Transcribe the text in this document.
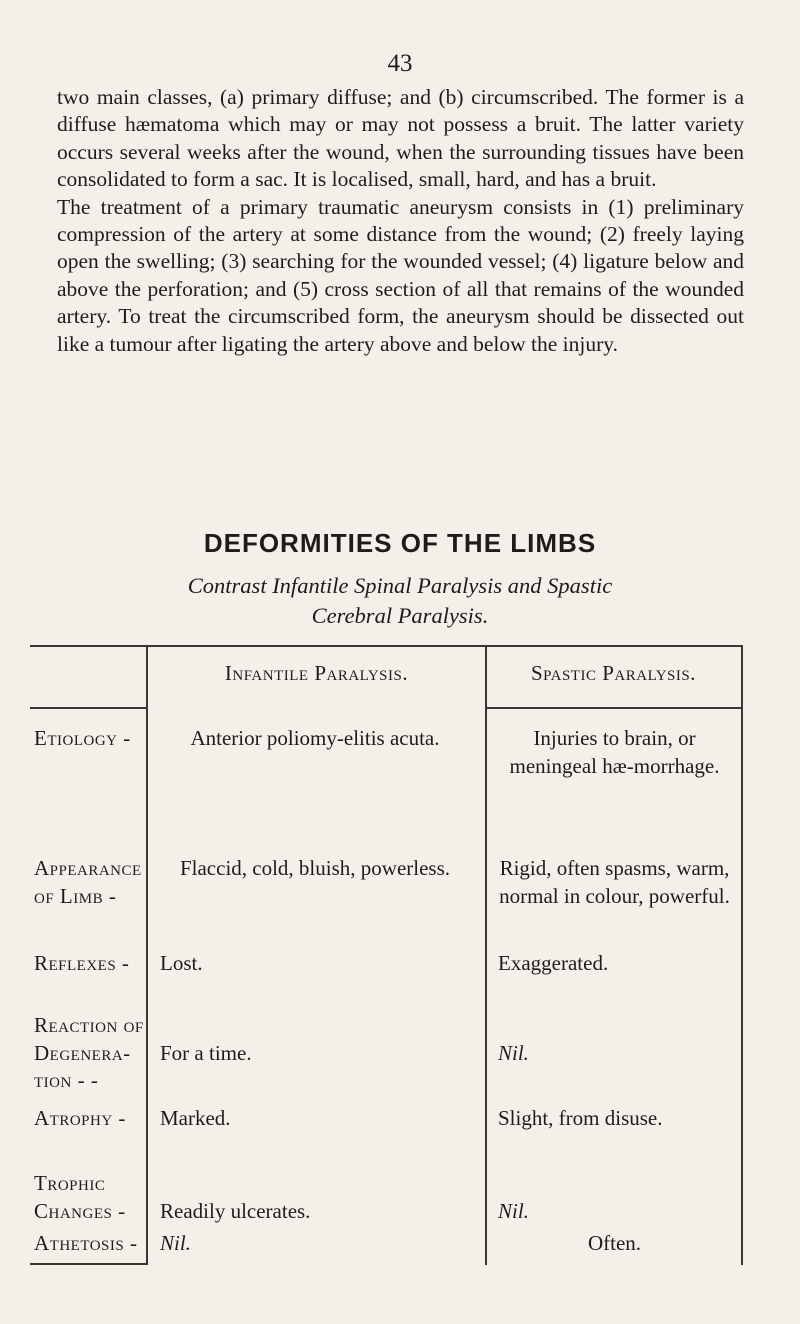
43

two main classes, (a) primary diffuse; and (b) circumscribed. The former is a diffuse hæmatoma which may or may not possess a bruit. The latter variety occurs several weeks after the wound, when the surrounding tissues have been consolidated to form a sac. It is localised, small, hard, and has a bruit.

The treatment of a primary traumatic aneurysm consists in (1) preliminary compression of the artery at some distance from the wound; (2) freely laying open the swelling; (3) searching for the wounded vessel; (4) ligature below and above the perforation; and (5) cross section of all that remains of the wounded artery. To treat the circumscribed form, the aneurysm should be dissected out like a tumour after ligating the artery above and below the injury.

DEFORMITIES OF THE LIMBS
Contrast Infantile Spinal Paralysis and Spastic Cerebral Paralysis.
Infantile Paralysis.	Spastic Paralysis.
Etiology -
Appearance of Limb -
Reflexes -
Reaction of Degenera-tion - -
Atrophy -
Trophic Changes -
Athetosis -
Anterior poliomy-elitis acuta.
Flaccid, cold, bluish, powerless.
Lost.
For a time.
Marked.
Readily ulcerates.
Nil.
Injuries to brain, or meningeal hæ-morrhage.
Rigid, often spasms, warm, normal in colour, powerful.
Exaggerated.
Nil.
Slight, from disuse.
Nil.
Often.
